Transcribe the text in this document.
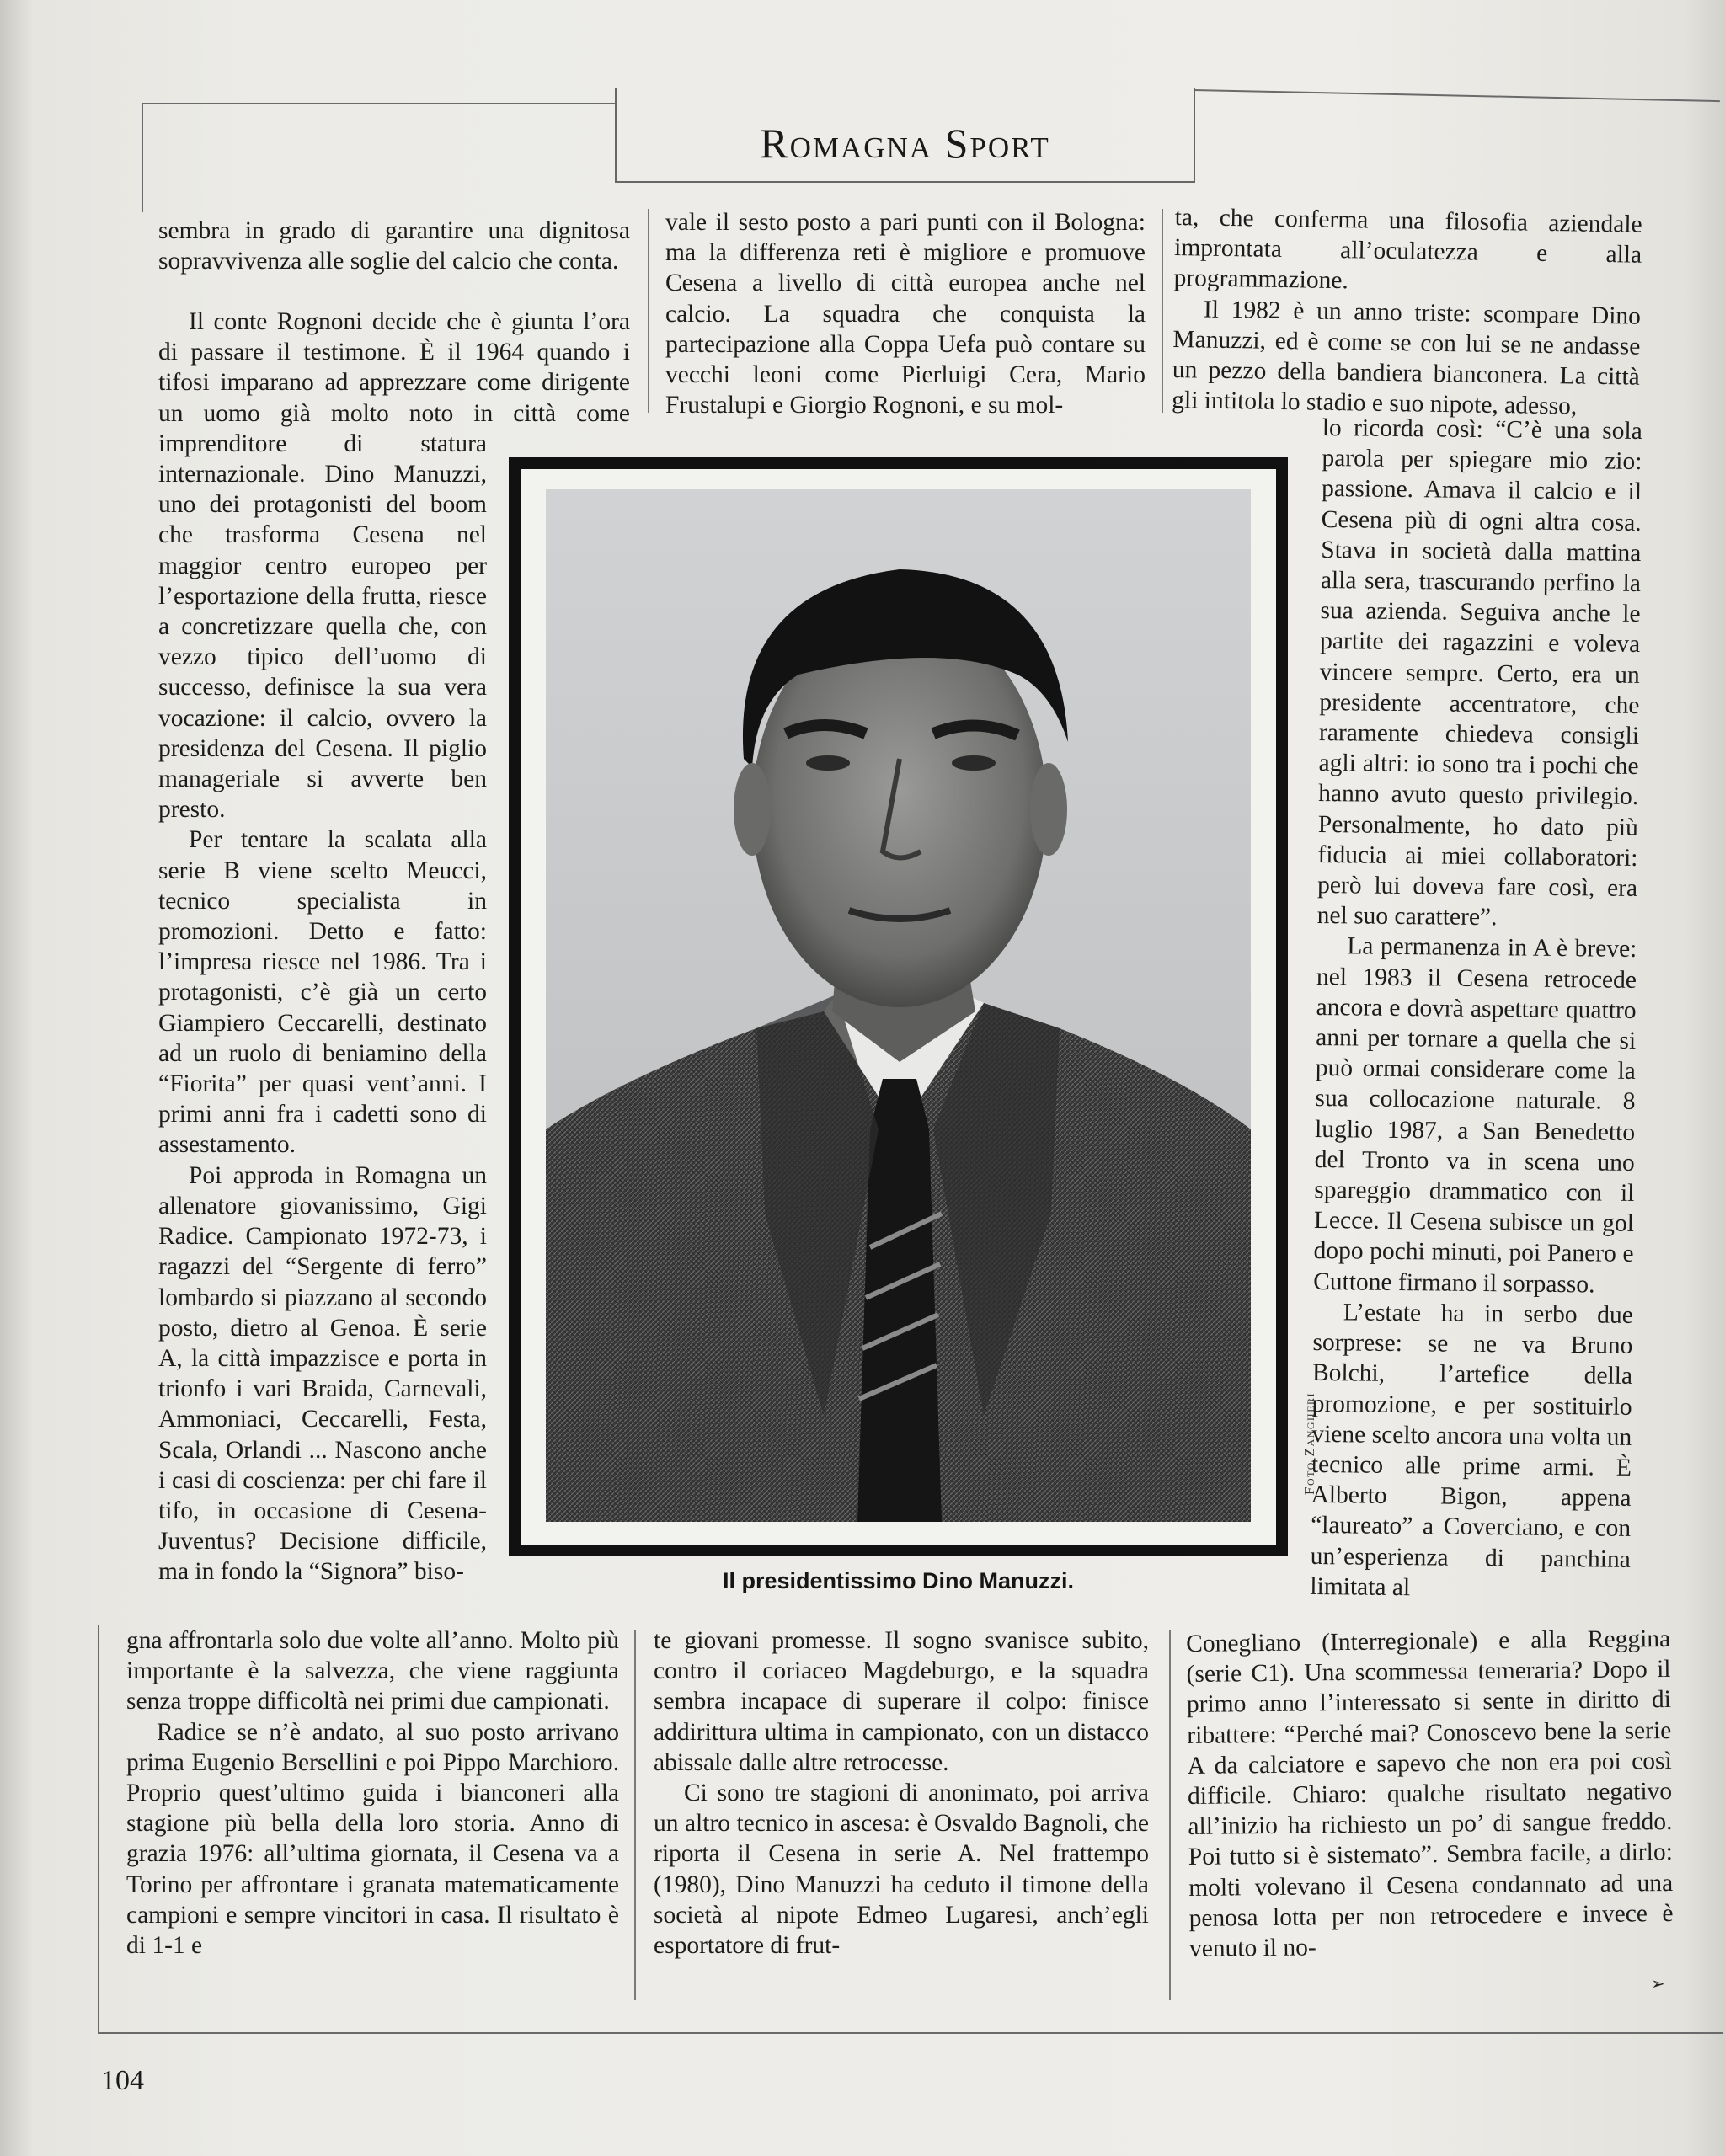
Romagna Sport

sembra in grado di garantire una dignitosa sopravvivenza alle soglie del calcio che conta.

Il conte Rognoni decide che è giunta l’ora di passare il testimone. È il 1964 quando i tifosi imparano ad apprezzare come dirigente un uomo già molto noto in città come imprenditore di statura internazionale. Dino Manuzzi, uno dei protagonisti del boom che trasforma Cesena nel maggior centro europeo per l’esportazione della frutta, riesce a concretizzare quella che, con vezzo tipico dell’uomo di successo, definisce la sua vera vocazione: il calcio, ovvero la presidenza del Cesena. Il piglio manageriale si avverte ben presto.

Per tentare la scalata alla serie B viene scelto Meucci, tecnico specialista in promozioni. Detto e fatto: l’impresa riesce nel 1986. Tra i protagonisti, c’è già un certo Giampiero Ceccarelli, destinato ad un ruolo di beniamino della “Fiorita” per quasi vent’anni. I primi anni fra i cadetti sono di assestamento.

Poi approda in Romagna un allenatore giovanissimo, Gigi Radice. Campionato 1972-73, i ragazzi del “Sergente di ferro” lombardo si piazzano al secondo posto, dietro al Genoa. È serie A, la città impazzisce e porta in trionfo i vari Braida, Carnevali, Ammoniaci, Ceccarelli, Festa, Scala, Orlandi ... Nascono anche i casi di coscienza: per chi fare il tifo, in occasione di Cesena-Juventus? Decisione difficile, ma in fondo la “Signora” biso-

vale il sesto posto a pari punti con il Bologna: ma la differenza reti è migliore e promuove Cesena a livello di città europea anche nel calcio. La squadra che conquista la partecipazione alla Coppa Uefa può contare su vecchi leoni come Pierluigi Cera, Mario Frustalupi e Giorgio Rognoni, e su mol-

ta, che conferma una filosofia aziendale improntata all’oculatezza e alla programmazione.

Il 1982 è un anno triste: scompare Dino Manuzzi, ed è come se con lui se ne andasse un pezzo della bandiera bianconera. La città gli intitola lo stadio e suo nipote, adesso,

lo ricorda così: “C’è una sola parola per spiegare mio zio: passione. Amava il calcio e il Cesena più di ogni altra cosa. Stava in società dalla mattina alla sera, trascurando perfino la sua azienda. Seguiva anche le partite dei ragazzini e voleva vincere sempre. Certo, era un presidente accentratore, che raramente chiedeva consigli agli altri: io sono tra i pochi che hanno avuto questo privilegio. Personalmente, ho dato più fiducia ai miei collaboratori: però lui doveva fare così, era nel suo carattere”.

La permanenza in A è breve: nel 1983 il Cesena retrocede ancora e dovrà aspettare quattro anni per tornare a quella che si può ormai considerare come la sua collocazione naturale. 8 luglio 1987, a San Benedetto del Tronto va in scena uno spareggio drammatico con il Lecce. Il Cesena subisce un gol dopo pochi minuti, poi Panero e Cuttone firmano il sorpasso.

L’estate ha in serbo due sorprese: se ne va Bruno Bolchi, l’artefice della promozione, e per sostituirlo viene scelto ancora una volta un tecnico alle prime armi. È Alberto Bigon, appena “laureato” a Coverciano, e con un’esperienza di panchina limitata al

Foto Zangheri
Il presidentissimo Dino Manuzzi.

gna affrontarla solo due volte all’anno. Molto più importante è la salvezza, che viene raggiunta senza troppe difficoltà nei primi due campionati.

Radice se n’è andato, al suo posto arrivano prima Eugenio Bersellini e poi Pippo Marchioro. Proprio quest’ultimo guida i bianconeri alla stagione più bella della loro storia. Anno di grazia 1976: all’ultima giornata, il Cesena va a Torino per affrontare i granata matematicamente campioni e sempre vincitori in casa. Il risultato è di 1-1 e

te giovani promesse. Il sogno svanisce subito, contro il coriaceo Magdeburgo, e la squadra sembra incapace di superare il colpo: finisce addirittura ultima in campionato, con un distacco abissale dalle altre retrocesse.

Ci sono tre stagioni di anonimato, poi arriva un altro tecnico in ascesa: è Osvaldo Bagnoli, che riporta il Cesena in serie A. Nel frattempo (1980), Dino Manuzzi ha ceduto il timone della società al nipote Edmeo Lugaresi, anch’egli esportatore di frut-

Conegliano (Interregionale) e alla Reggina (serie C1). Una scommessa temeraria? Dopo il primo anno l’interessato si sente in diritto di ribattere: “Perché mai? Conoscevo bene la serie A da calciatore e sapevo che non era poi così difficile. Chiaro: qualche risultato negativo all’inizio ha richiesto un po’ di sangue freddo. Poi tutto si è sistemato”. Sembra facile, a dirlo: molti volevano il Cesena condannato ad una penosa lotta per non retrocedere e invece è venuto il no-

➢
104
